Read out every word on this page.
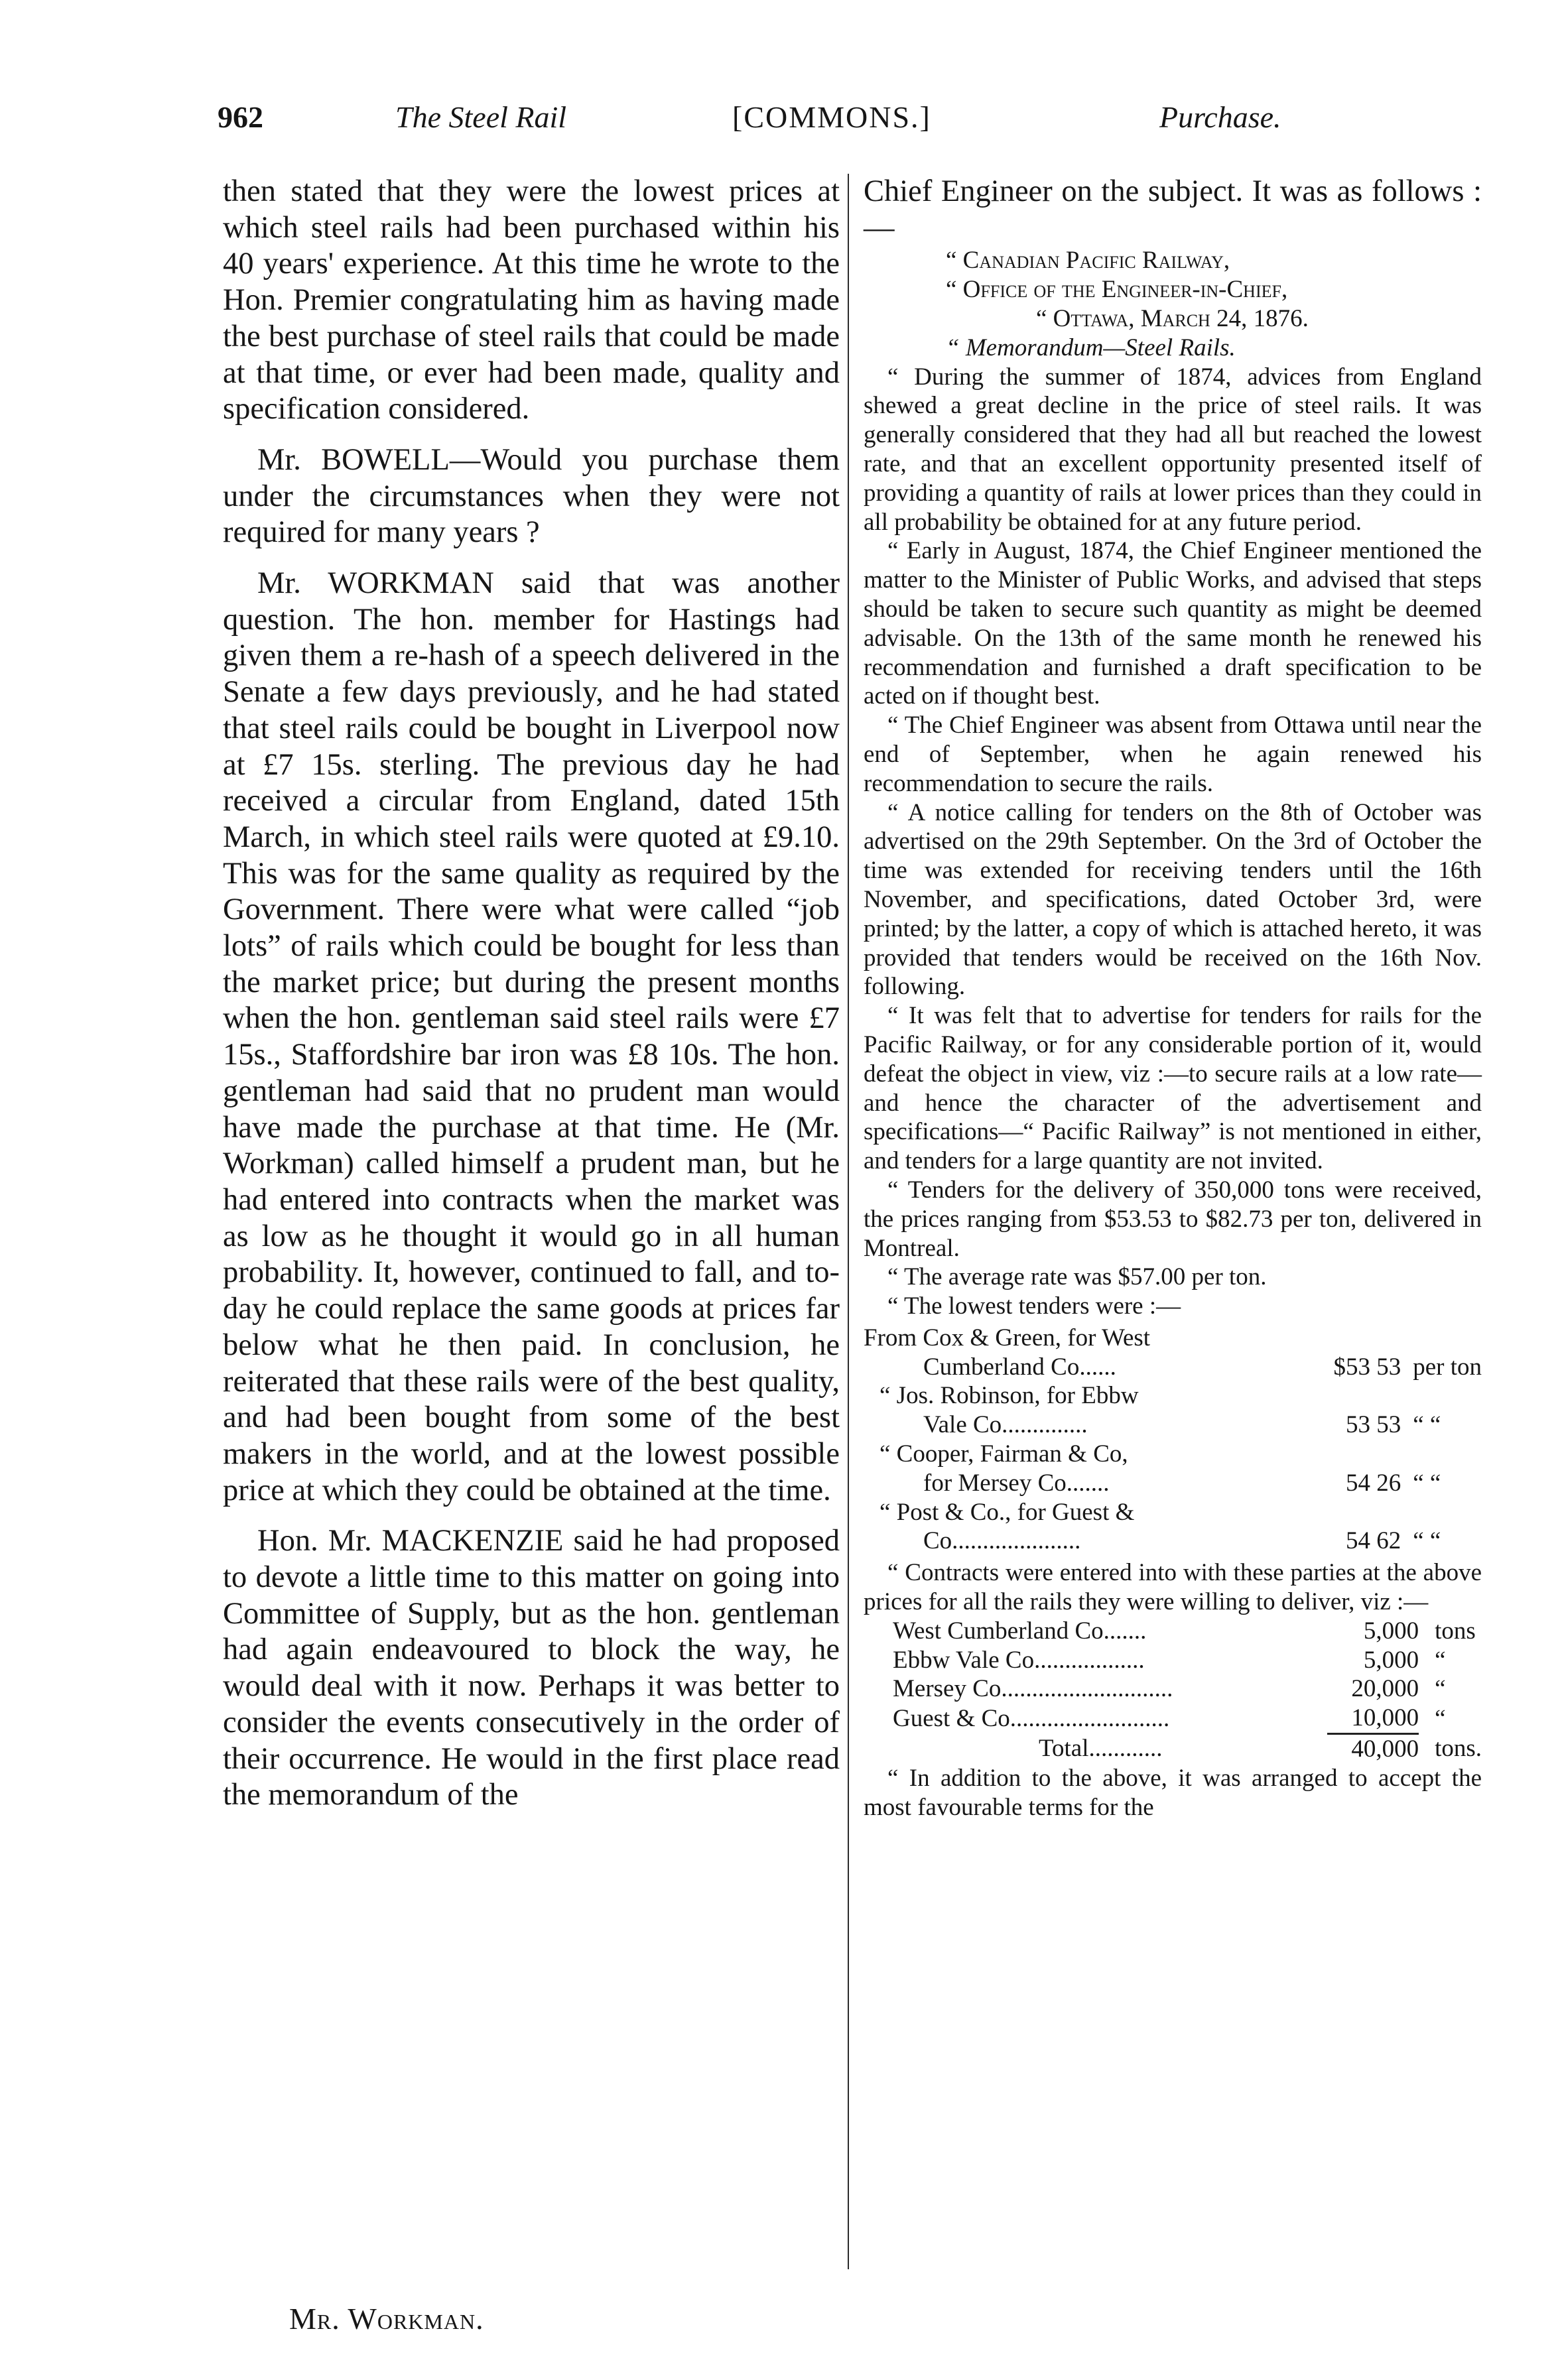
962	The Steel Rail	[COMMONS.]	Purchase.

then stated that they were the lowest prices at which steel rails had been purchased within his 40 years' experience. At this time he wrote to the Hon. Premier congratulating him as having made the best purchase of steel rails that could be made at that time, or ever had been made, quality and specification considered.

Mr. BOWELL—Would you purchase them under the circumstances when they were not required for many years ?

Mr. WORKMAN said that was another question. The hon. member for Hastings had given them a re-hash of a speech delivered in the Senate a few days previously, and he had stated that steel rails could be bought in Liverpool now at £7 15s. sterling. The previous day he had received a circular from England, dated 15th March, in which steel rails were quoted at £9.10. This was for the same quality as required by the Government. There were what were called “job lots” of rails which could be bought for less than the market price; but during the present months when the hon. gentleman said steel rails were £7 15s., Staffordshire bar iron was £8 10s. The hon. gentleman had said that no prudent man would have made the purchase at that time. He (Mr. Workman) called himself a prudent man, but he had entered into contracts when the market was as low as he thought it would go in all human probability. It, however, continued to fall, and to-day he could replace the same goods at prices far below what he then paid. In conclusion, he reiterated that these rails were of the best quality, and had been bought from some of the best makers in the world, and at the lowest possible price at which they could be obtained at the time.

Hon. Mr. MACKENZIE said he had proposed to devote a little time to this matter on going into Committee of Supply, but as the hon. gentleman had again endeavoured to block the way, he would deal with it now. Perhaps it was better to consider the events consecutively in the order of their occurrence. He would in the first place read the memorandum of the

Chief Engineer on the subject. It was as follows :—

“ Canadian Pacific Railway,

“ Office of the Engineer-in-Chief,

“ Ottawa, March 24, 1876.

“ Memorandum—Steel Rails.

“ During the summer of 1874, advices from England shewed a great decline in the price of steel rails. It was generally considered that they had all but reached the lowest rate, and that an excellent opportunity presented itself of providing a quantity of rails at lower prices than they could in all probability be obtained for at any future period.

“ Early in August, 1874, the Chief Engineer mentioned the matter to the Minister of Public Works, and advised that steps should be taken to secure such quantity as might be deemed advisable. On the 13th of the same month he renewed his recommendation and furnished a draft specification to be acted on if thought best.

“ The Chief Engineer was absent from Ottawa until near the end of September, when he again renewed his recommendation to secure the rails.

“ A notice calling for tenders on the 8th of October was advertised on the 29th September. On the 3rd of October the time was extended for receiving tenders until the 16th November, and specifications, dated October 3rd, were printed; by the latter, a copy of which is attached hereto, it was provided that tenders would be received on the 16th Nov. following.

“ It was felt that to advertise for tenders for rails for the Pacific Railway, or for any considerable portion of it, would defeat the object in view, viz :—to secure rails at a low rate—and hence the character of the advertisement and specifications—“ Pacific Railway” is not mentioned in either, and tenders for a large quantity are not invited.

“ Tenders for the delivery of 350,000 tons were received, the prices ranging from $53.53 to $82.73 per ton, delivered in Montreal.

“ The average rate was $57.00 per ton.

“ The lowest tenders were :—

From Cox & Green, for West		
Cumberland Co......	$53 53	per ton
“ Jos. Robinson, for Ebbw		
Vale Co..............	53 53	“ “
“ Cooper, Fairman & Co,		
for Mersey Co.......	54 26	“ “
“ Post & Co., for Guest &		
Co.....................	54 62	“ “

“ Contracts were entered into with these parties at the above prices for all the rails they were willing to deliver, viz :—

West Cumberland Co.......	5,000	tons
Ebbw Vale Co..................	5,000	“
Mersey Co............................	20,000	“
Guest & Co..........................	10,000	“
Total............	40,000	tons.

“ In addition to the above, it was arranged to accept the most favourable terms for the

Mr. Workman.
